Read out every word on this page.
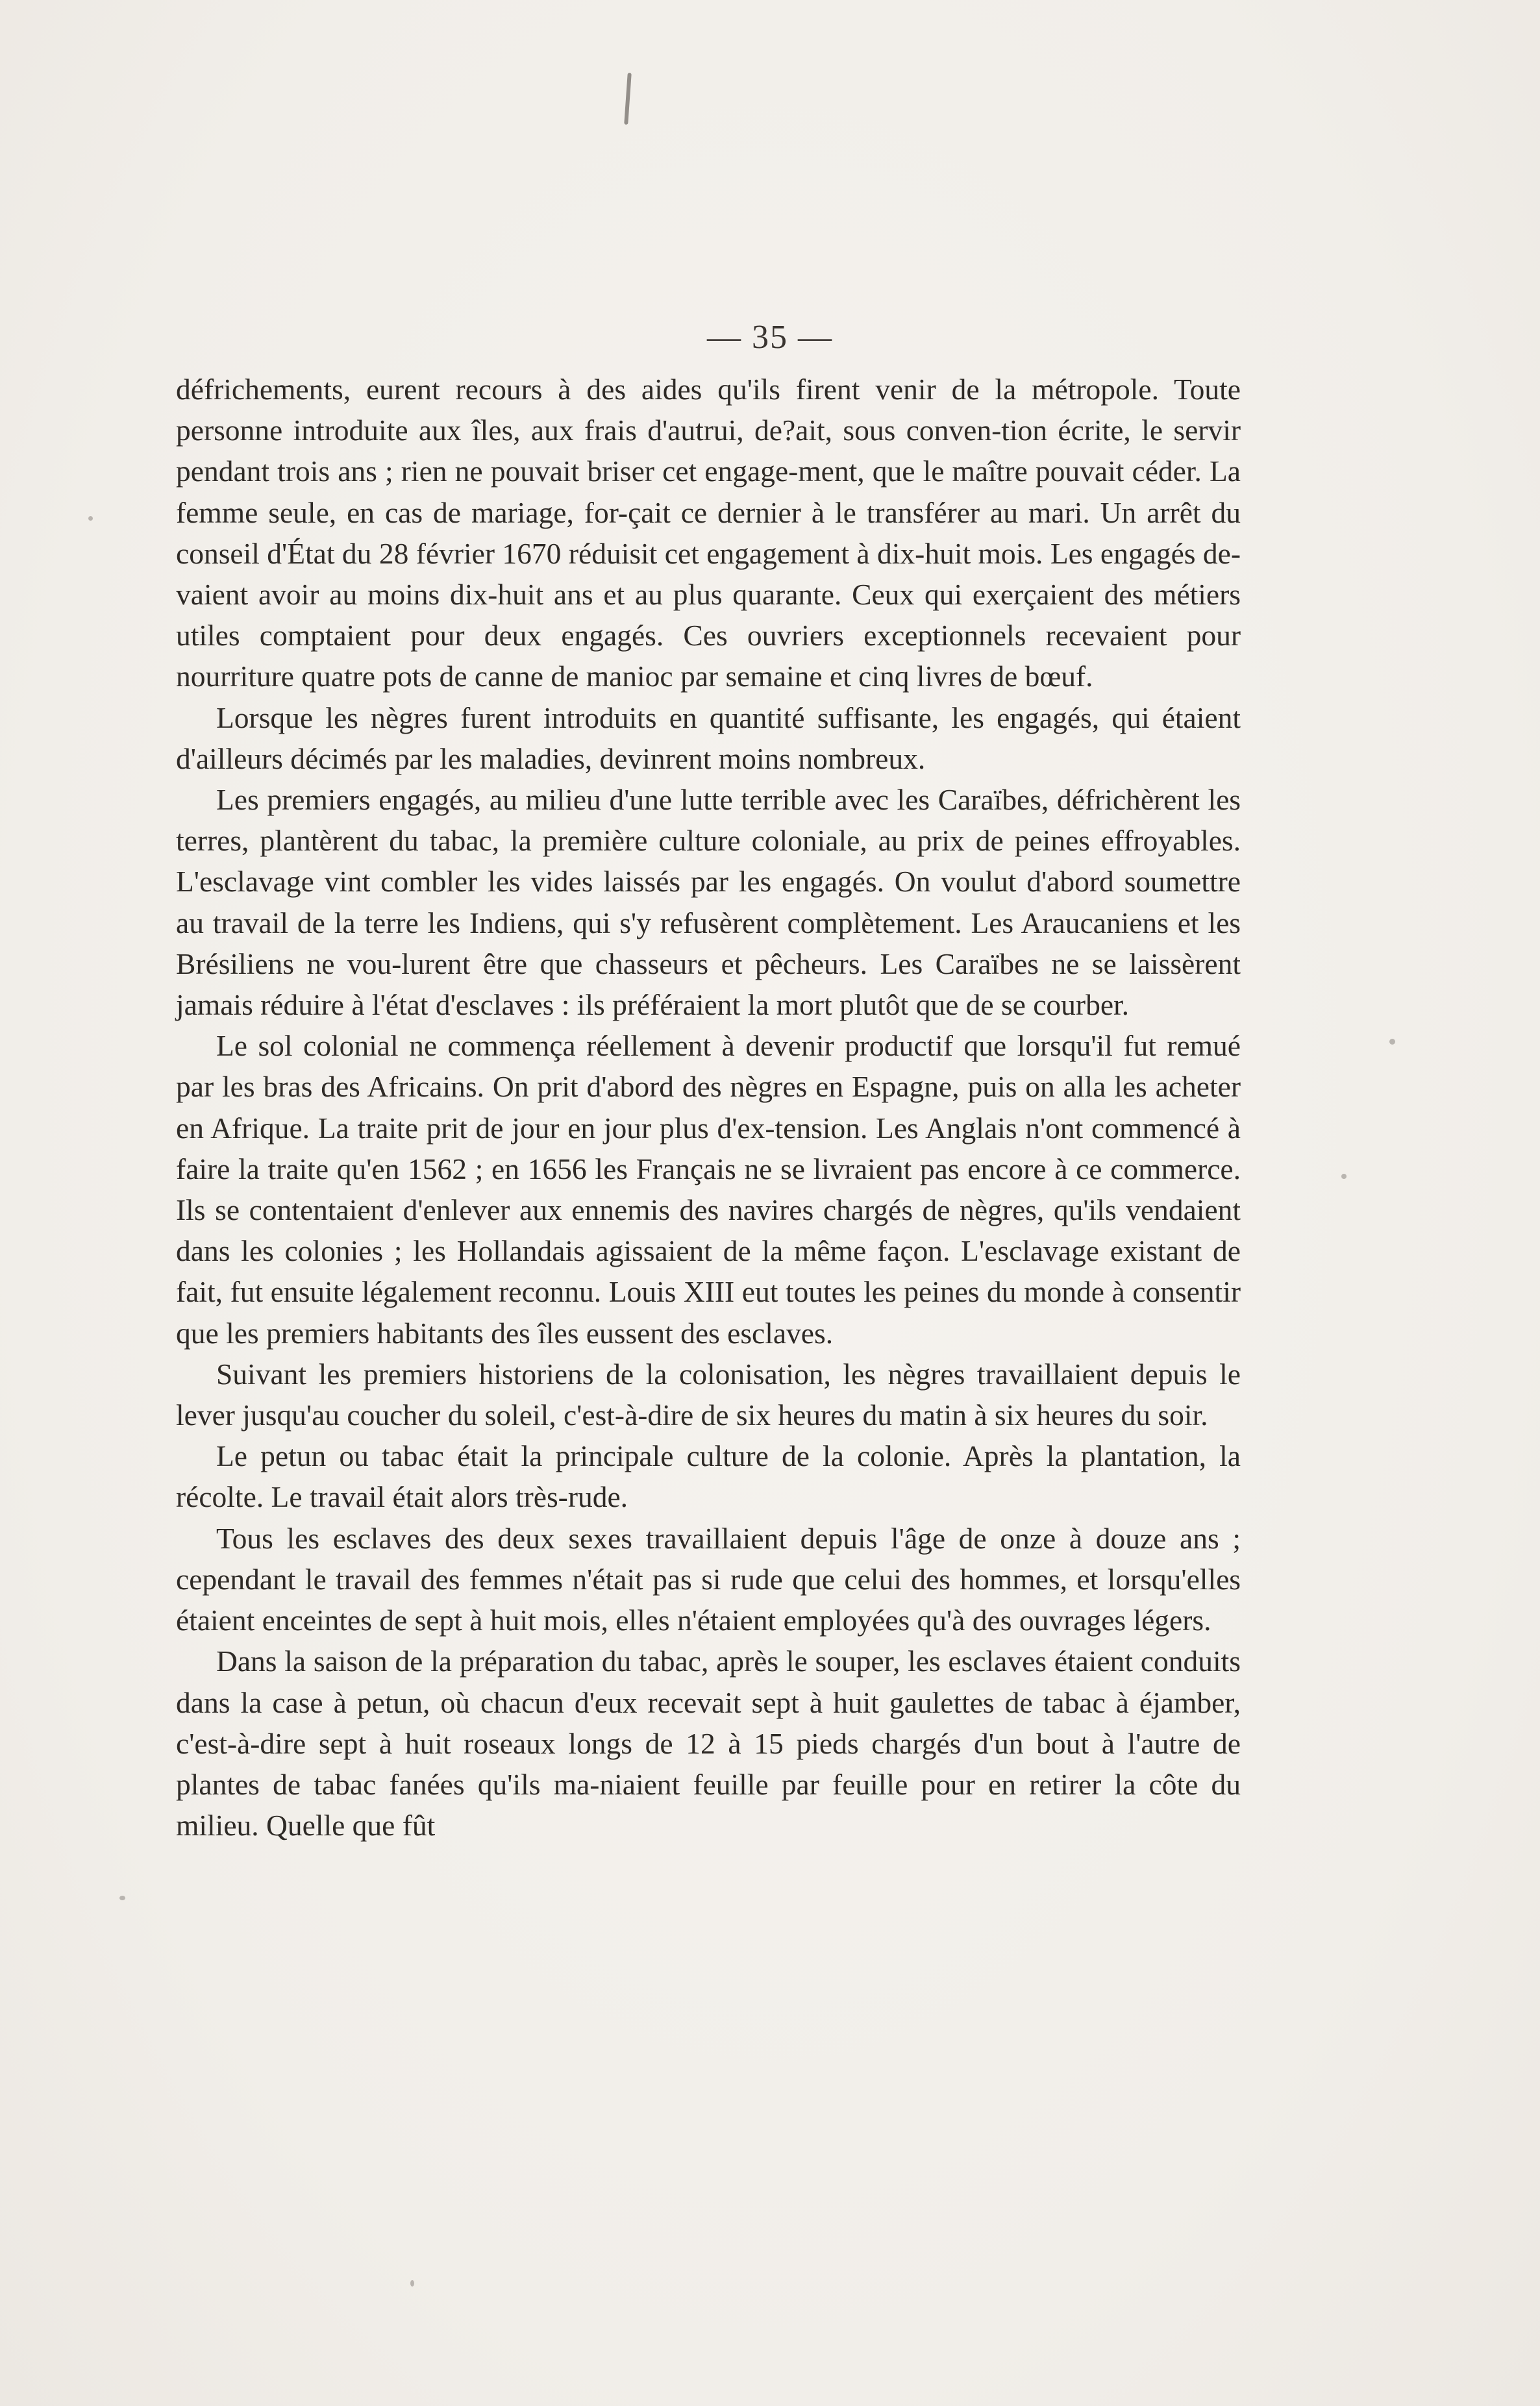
— 35 —

défrichements, eurent recours à des aides qu'ils firent venir de la métropole. Toute personne introduite aux îles, aux frais d'autrui, de?ait, sous conven-tion écrite, le servir pendant trois ans ; rien ne pouvait briser cet engage-ment, que le maître pouvait céder. La femme seule, en cas de mariage, for-çait ce dernier à le transférer au mari. Un arrêt du conseil d'État du 28 février 1670 réduisit cet engagement à dix-huit mois. Les engagés de-vaient avoir au moins dix-huit ans et au plus quarante. Ceux qui exerçaient des métiers utiles comptaient pour deux engagés. Ces ouvriers exceptionnels recevaient pour nourriture quatre pots de canne de manioc par semaine et cinq livres de bœuf.

Lorsque les nègres furent introduits en quantité suffisante, les engagés, qui étaient d'ailleurs décimés par les maladies, devinrent moins nombreux.

Les premiers engagés, au milieu d'une lutte terrible avec les Caraïbes, défrichèrent les terres, plantèrent du tabac, la première culture coloniale, au prix de peines effroyables. L'esclavage vint combler les vides laissés par les engagés. On voulut d'abord soumettre au travail de la terre les Indiens, qui s'y refusèrent complètement. Les Araucaniens et les Brésiliens ne vou-lurent être que chasseurs et pêcheurs. Les Caraïbes ne se laissèrent jamais réduire à l'état d'esclaves : ils préféraient la mort plutôt que de se courber.

Le sol colonial ne commença réellement à devenir productif que lorsqu'il fut remué par les bras des Africains. On prit d'abord des nègres en Espagne, puis on alla les acheter en Afrique. La traite prit de jour en jour plus d'ex-tension. Les Anglais n'ont commencé à faire la traite qu'en 1562 ; en 1656 les Français ne se livraient pas encore à ce commerce. Ils se contentaient d'enlever aux ennemis des navires chargés de nègres, qu'ils vendaient dans les colonies ; les Hollandais agissaient de la même façon. L'esclavage existant de fait, fut ensuite légalement reconnu. Louis XIII eut toutes les peines du monde à consentir que les premiers habitants des îles eussent des esclaves.

Suivant les premiers historiens de la colonisation, les nègres travaillaient depuis le lever jusqu'au coucher du soleil, c'est-à-dire de six heures du matin à six heures du soir.

Le petun ou tabac était la principale culture de la colonie. Après la plantation, la récolte. Le travail était alors très-rude.

Tous les esclaves des deux sexes travaillaient depuis l'âge de onze à douze ans ; cependant le travail des femmes n'était pas si rude que celui des hommes, et lorsqu'elles étaient enceintes de sept à huit mois, elles n'étaient employées qu'à des ouvrages légers.

Dans la saison de la préparation du tabac, après le souper, les esclaves étaient conduits dans la case à petun, où chacun d'eux recevait sept à huit gaulettes de tabac à éjamber, c'est-à-dire sept à huit roseaux longs de 12 à 15 pieds chargés d'un bout à l'autre de plantes de tabac fanées qu'ils ma-niaient feuille par feuille pour en retirer la côte du milieu. Quelle que fût
